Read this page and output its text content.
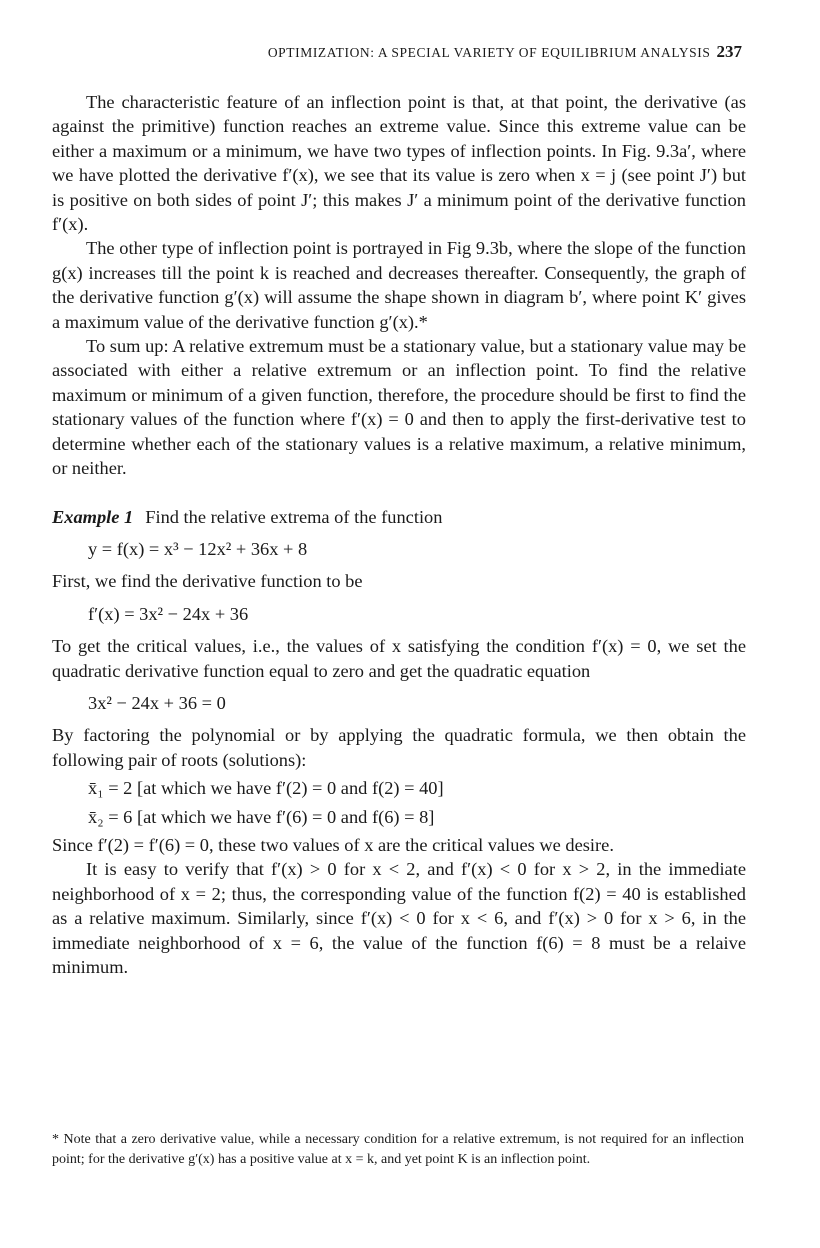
OPTIMIZATION: A SPECIAL VARIETY OF EQUILIBRIUM ANALYSIS 237

The characteristic feature of an inflection point is that, at that point, the derivative (as against the primitive) function reaches an extreme value. Since this extreme value can be either a maximum or a minimum, we have two types of inflection points. In Fig. 9.3a′, where we have plotted the derivative f′(x), we see that its value is zero when x = j (see point J′) but is positive on both sides of point J′; this makes J′ a minimum point of the derivative function f′(x).

The other type of inflection point is portrayed in Fig 9.3b, where the slope of the function g(x) increases till the point k is reached and decreases thereafter. Consequently, the graph of the derivative function g′(x) will assume the shape shown in diagram b′, where point K′ gives a maximum value of the derivative function g′(x).*

To sum up: A relative extremum must be a stationary value, but a stationary value may be associated with either a relative extremum or an inflection point. To find the relative maximum or minimum of a given function, therefore, the procedure should be first to find the stationary values of the function where f′(x) = 0 and then to apply the first-derivative test to determine whether each of the stationary values is a relative maximum, a relative minimum, or neither.

Example 1 Find the relative extrema of the function

y = f(x) = x³ − 12x² + 36x + 8

First, we find the derivative function to be

f′(x) = 3x² − 24x + 36

To get the critical values, i.e., the values of x satisfying the condition f′(x) = 0, we set the quadratic derivative function equal to zero and get the quadratic equation

3x² − 24x + 36 = 0

By factoring the polynomial or by applying the quadratic formula, we then obtain the following pair of roots (solutions):

x̄₁ = 2 [at which we have f′(2) = 0 and f(2) = 40]

x̄₂ = 6 [at which we have f′(6) = 0 and f(6) = 8]

Since f′(2) = f′(6) = 0, these two values of x are the critical values we desire.

It is easy to verify that f′(x) > 0 for x < 2, and f′(x) < 0 for x > 2, in the immediate neighborhood of x = 2; thus, the corresponding value of the function f(2) = 40 is established as a relative maximum. Similarly, since f′(x) < 0 for x < 6, and f′(x) > 0 for x > 6, in the immediate neighborhood of x = 6, the value of the function f(6) = 8 must be a relaive minimum.

* Note that a zero derivative value, while a necessary condition for a relative extremum, is not required for an inflection point; for the derivative g′(x) has a positive value at x = k, and yet point K is an inflection point.
